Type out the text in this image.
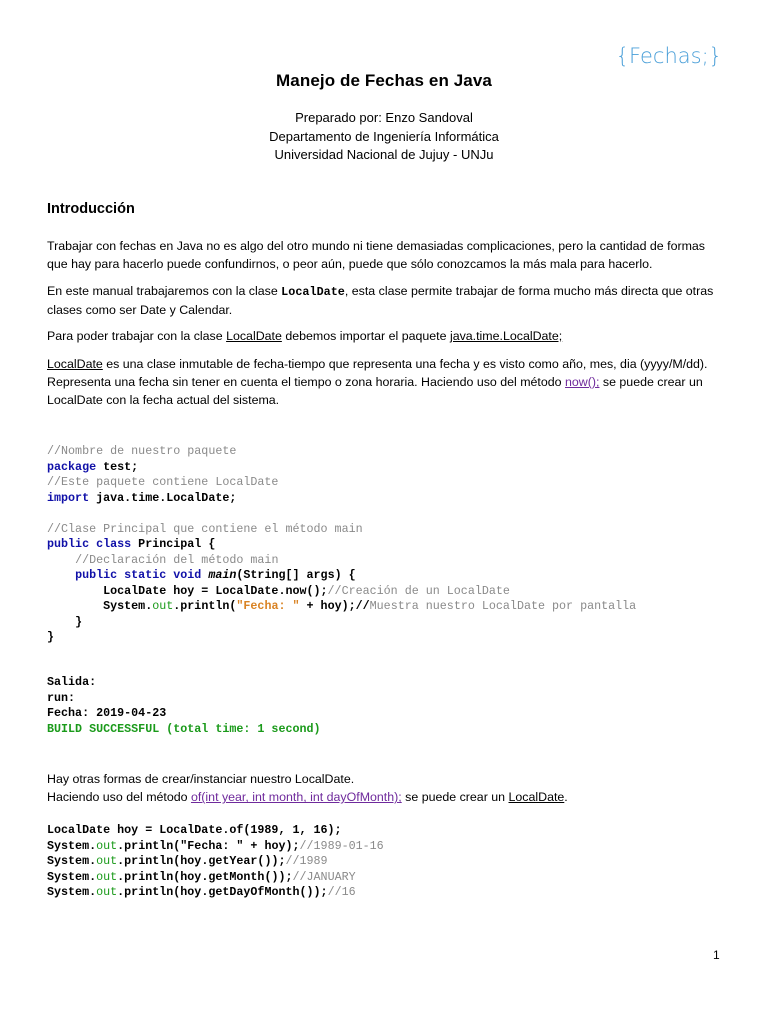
{Fechas;}
Manejo de Fechas en Java
Preparado por: Enzo Sandoval
Departamento de Ingeniería Informática
Universidad Nacional de Jujuy - UNJu
Introducción

Trabajar con fechas en Java no es algo del otro mundo ni tiene demasiadas complicaciones, pero la cantidad de formas que hay para hacerlo puede confundirnos, o peor aún, puede que sólo conozcamos la más mala para hacerlo.

En este manual trabajaremos con la clase LocalDate, esta clase permite trabajar de forma mucho más directa que otras clases como ser Date y Calendar.

Para poder trabajar con la clase LocalDate debemos importar el paquete java.time.LocalDate;

LocalDate es una clase inmutable de fecha-tiempo que representa una fecha y es visto como año, mes, dia (yyyy/M/dd). Representa una fecha sin tener en cuenta el tiempo o zona horaria. Haciendo uso del método now(); se puede crear un LocalDate con la fecha actual del sistema.

//Nombre de nuestro paquete
package test;
//Este paquete contiene LocalDate
import java.time.LocalDate;

//Clase Principal que contiene el método main
public class Principal {
//Declaración del método main
public static void main(String[] args) {
LocalDate hoy = LocalDate.now();//Creación de un LocalDate
System.out.println("Fecha: " + hoy);//Muestra nuestro LocalDate por pantalla
}
}
Salida:
run:
Fecha: 2019-04-23
BUILD SUCCESSFUL (total time: 1 second)

Hay otras formas de crear/instanciar nuestro LocalDate.
Haciendo uso del método of(int year, int month, int dayOfMonth); se puede crear un LocalDate.

LocalDate hoy = LocalDate.of(1989, 1, 16);
System.out.println("Fecha: " + hoy);//1989-01-16
System.out.println(hoy.getYear());//1989
System.out.println(hoy.getMonth());//JANUARY
System.out.println(hoy.getDayOfMonth());//16
1
